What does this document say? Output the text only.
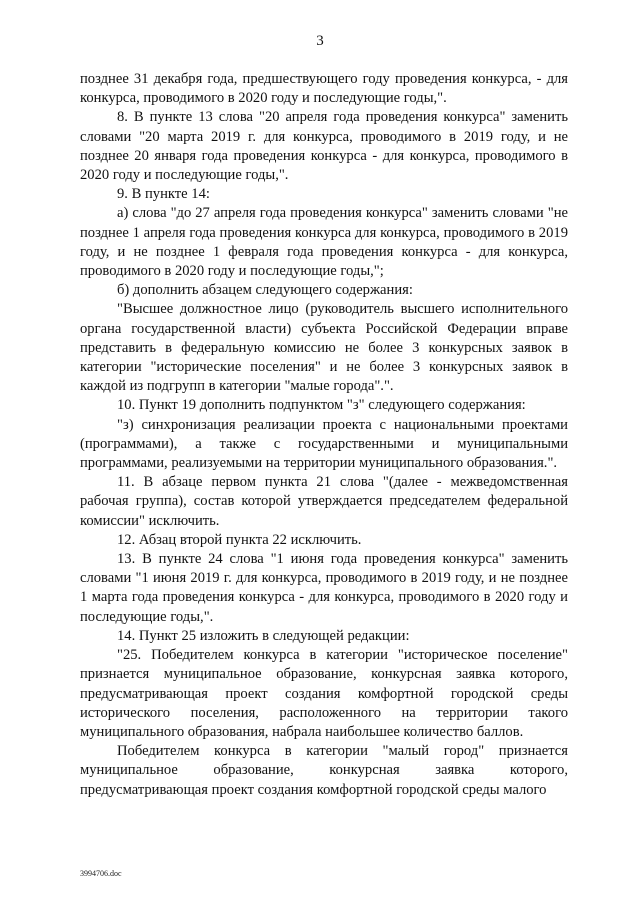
3

позднее 31 декабря года, предшествующего году проведения конкурса, - для конкурса, проводимого в 2020 году и последующие годы,".

8. В пункте 13 слова "20 апреля года проведения конкурса" заменить словами "20 марта 2019 г. для конкурса, проводимого в 2019 году, и не позднее 20 января года проведения конкурса - для конкурса, проводимого в 2020 году и последующие годы,".

9. В пункте 14:

а) слова "до 27 апреля года проведения конкурса" заменить словами "не позднее 1 апреля года проведения конкурса для конкурса, проводимого в 2019 году, и не позднее 1 февраля года проведения конкурса - для конкурса, проводимого в 2020 году и последующие годы,";

б) дополнить абзацем следующего содержания:

"Высшее должностное лицо (руководитель высшего исполнительного органа государственной власти) субъекта Российской Федерации вправе представить в федеральную комиссию не более 3 конкурсных заявок в категории "исторические поселения" и не более 3 конкурсных заявок в каждой из подгрупп в категории "малые города".".

10. Пункт 19 дополнить подпунктом "з" следующего содержания:

"з) синхронизация реализации проекта с национальными проектами (программами), а также с государственными и муниципальными программами, реализуемыми на территории муниципального образования.".

11. В абзаце первом пункта 21 слова "(далее - межведомственная рабочая группа), состав которой утверждается председателем федеральной комиссии" исключить.

12. Абзац второй пункта 22 исключить.

13. В пункте 24 слова "1 июня года проведения конкурса" заменить словами "1 июня 2019 г. для конкурса, проводимого в 2019 году, и не позднее 1 марта года проведения конкурса - для конкурса, проводимого в 2020 году и последующие годы,".

14. Пункт 25 изложить в следующей редакции:

"25. Победителем конкурса в категории "историческое поселение" признается муниципальное образование, конкурсная заявка которого, предусматривающая проект создания комфортной городской среды исторического поселения, расположенного на территории такого муниципального образования, набрала наибольшее количество баллов.

Победителем конкурса в категории "малый город" признается муниципальное образование, конкурсная заявка которого, предусматривающая проект создания комфортной городской среды малого

3994706.doc
